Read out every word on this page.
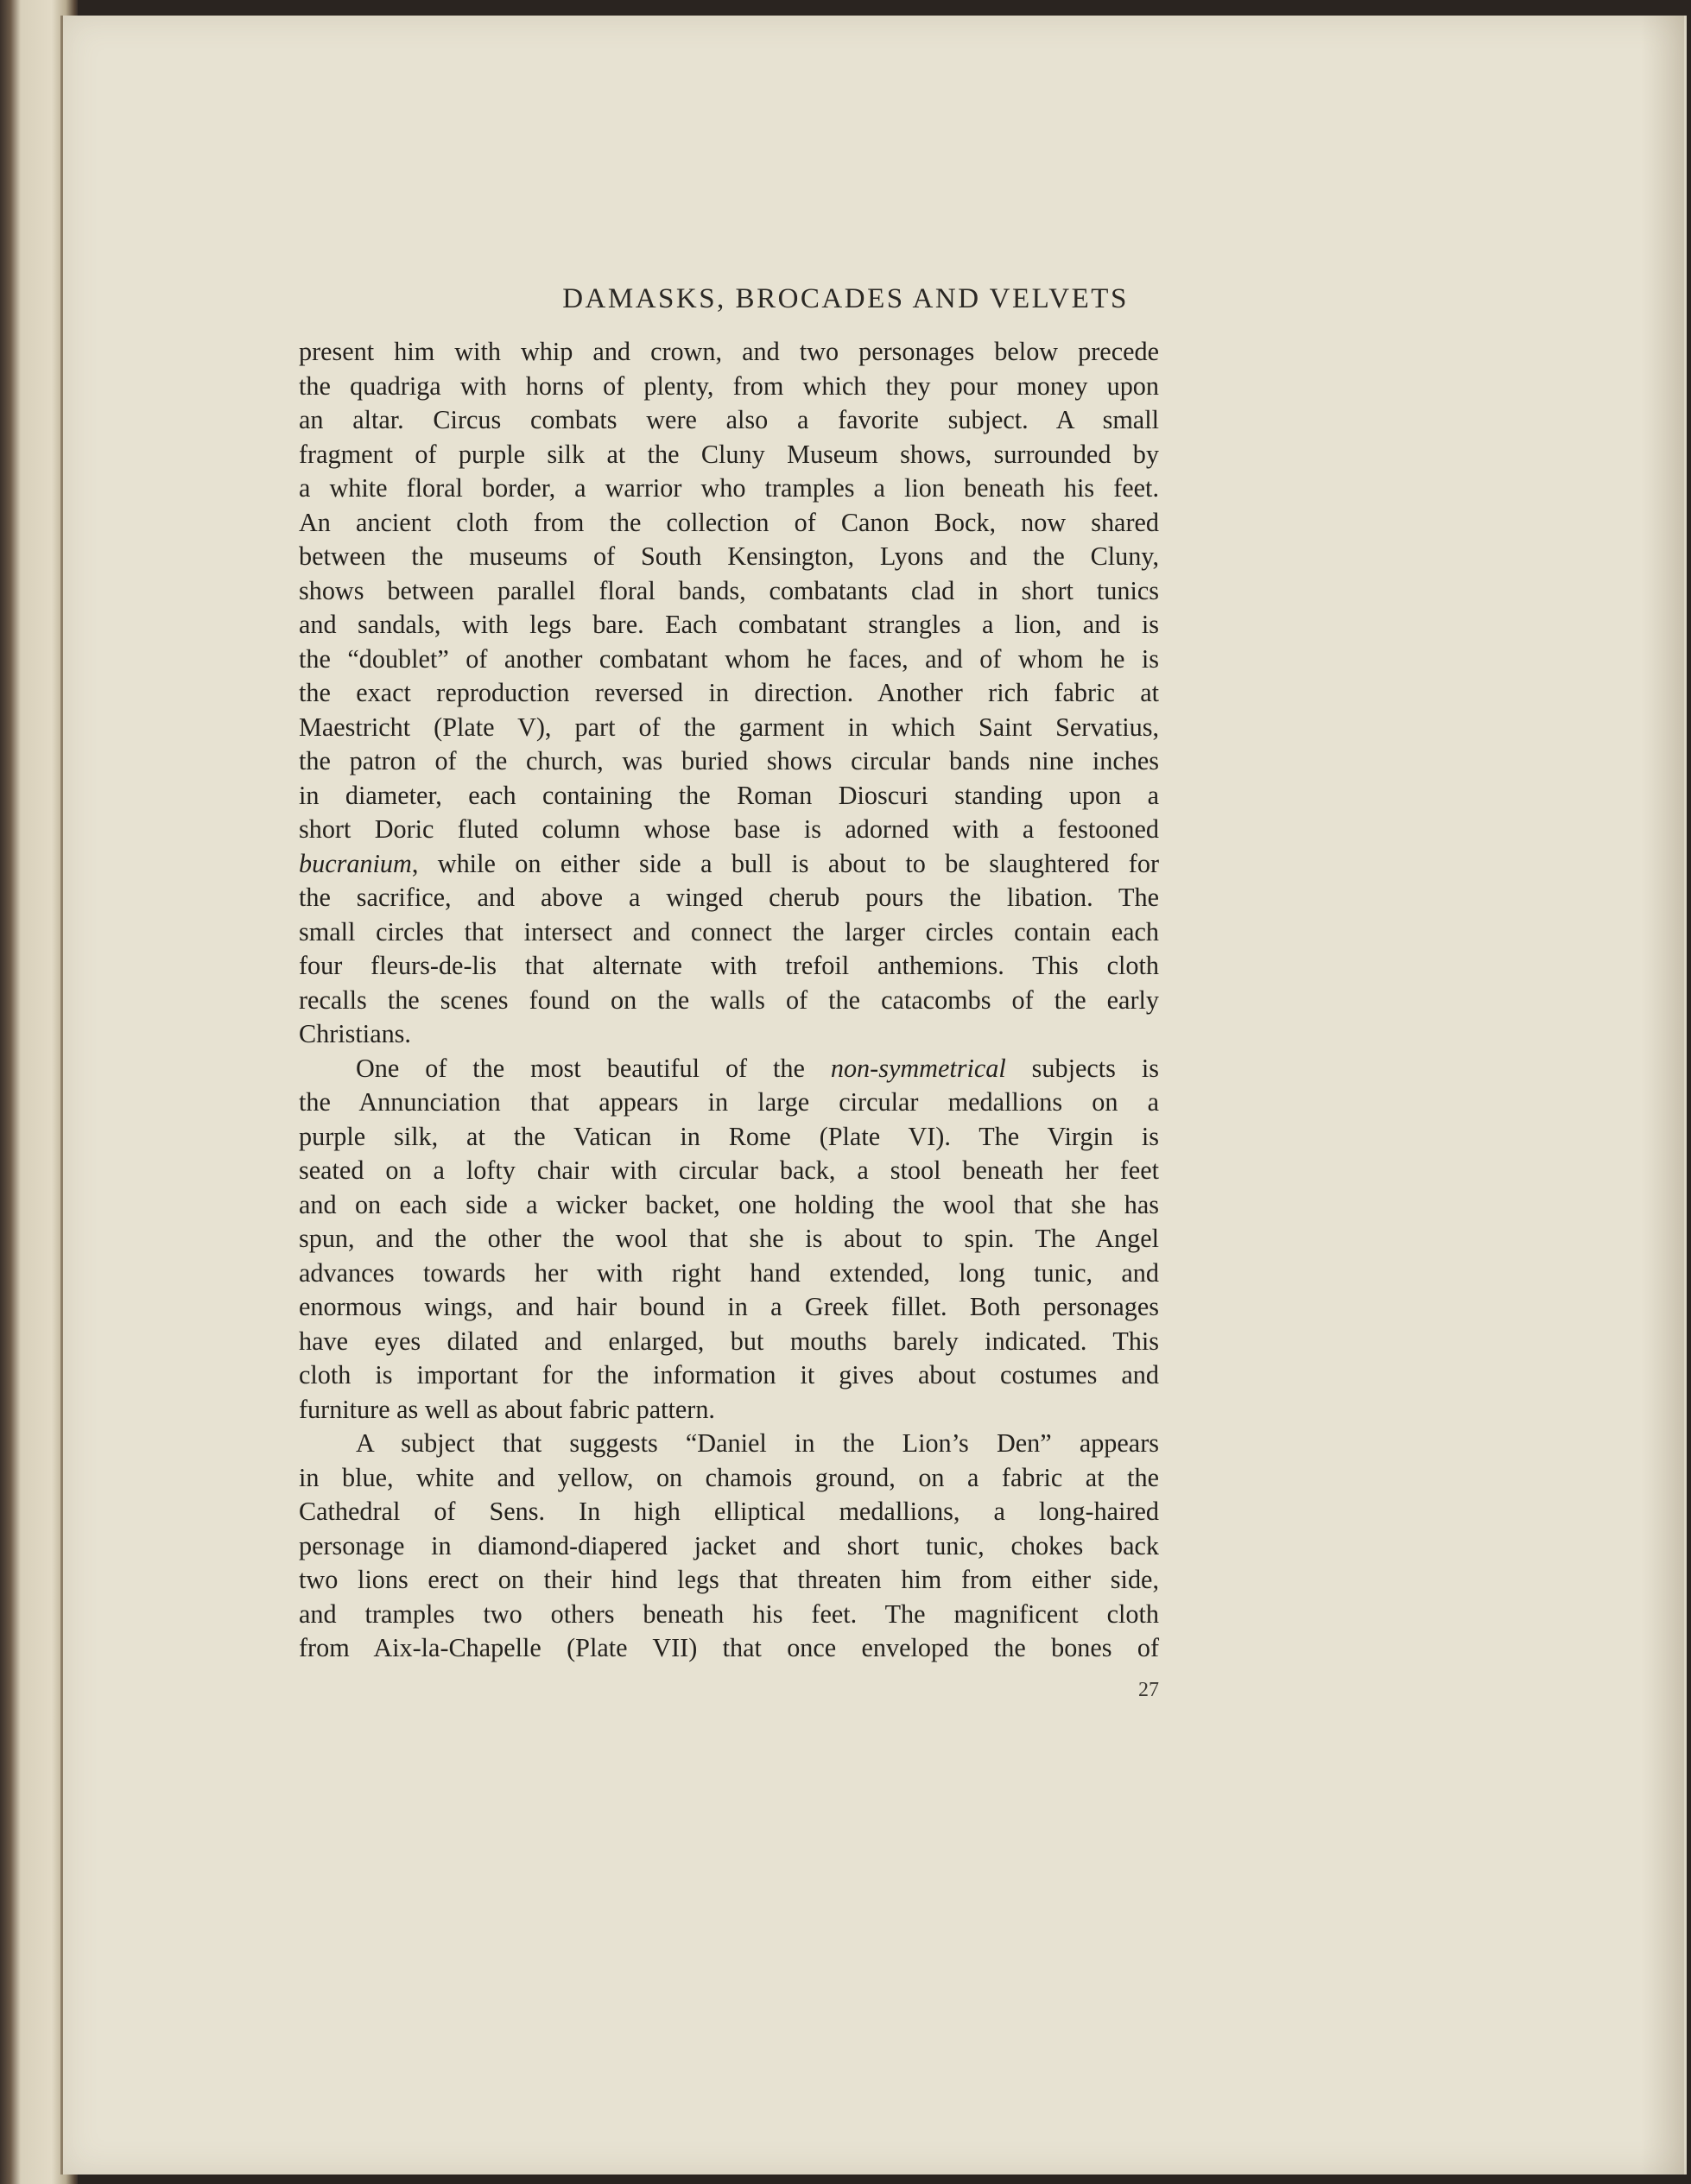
DAMASKS, BROCADES AND VELVETS
present him with whip and crown, and two personages below precede
the quadriga with horns of plenty, from which they pour money upon
an altar. Circus combats were also a favorite subject. A small
fragment of purple silk at the Cluny Museum shows, surrounded by
a white floral border, a warrior who tramples a lion beneath his feet.
An ancient cloth from the collection of Canon Bock, now shared
between the museums of South Kensington, Lyons and the Cluny,
shows between parallel floral bands, combatants clad in short tunics
and sandals, with legs bare. Each combatant strangles a lion, and is
the “doublet” of another combatant whom he faces, and of whom he is
the exact reproduction reversed in direction. Another rich fabric at
Maestricht (Plate V), part of the garment in which Saint Servatius,
the patron of the church, was buried shows circular bands nine inches
in diameter, each containing the Roman Dioscuri standing upon a
short Doric fluted column whose base is adorned with a festooned
bucranium, while on either side a bull is about to be slaughtered for
the sacrifice, and above a winged cherub pours the libation. The
small circles that intersect and connect the larger circles contain each
four fleurs-de-lis that alternate with trefoil anthemions. This cloth
recalls the scenes found on the walls of the catacombs of the early
Christians.
One of the most beautiful of the non-symmetrical subjects is
the Annunciation that appears in large circular medallions on a
purple silk, at the Vatican in Rome (Plate VI). The Virgin is
seated on a lofty chair with circular back, a stool beneath her feet
and on each side a wicker backet, one holding the wool that she has
spun, and the other the wool that she is about to spin. The Angel
advances towards her with right hand extended, long tunic, and
enormous wings, and hair bound in a Greek fillet. Both personages
have eyes dilated and enlarged, but mouths barely indicated. This
cloth is important for the information it gives about costumes and
furniture as well as about fabric pattern.
A subject that suggests “Daniel in the Lion’s Den” appears
in blue, white and yellow, on chamois ground, on a fabric at the
Cathedral of Sens. In high elliptical medallions, a long-haired
personage in diamond-diapered jacket and short tunic, chokes back
two lions erect on their hind legs that threaten him from either side,
and tramples two others beneath his feet. The magnificent cloth
from Aix-la-Chapelle (Plate VII) that once enveloped the bones of
27
